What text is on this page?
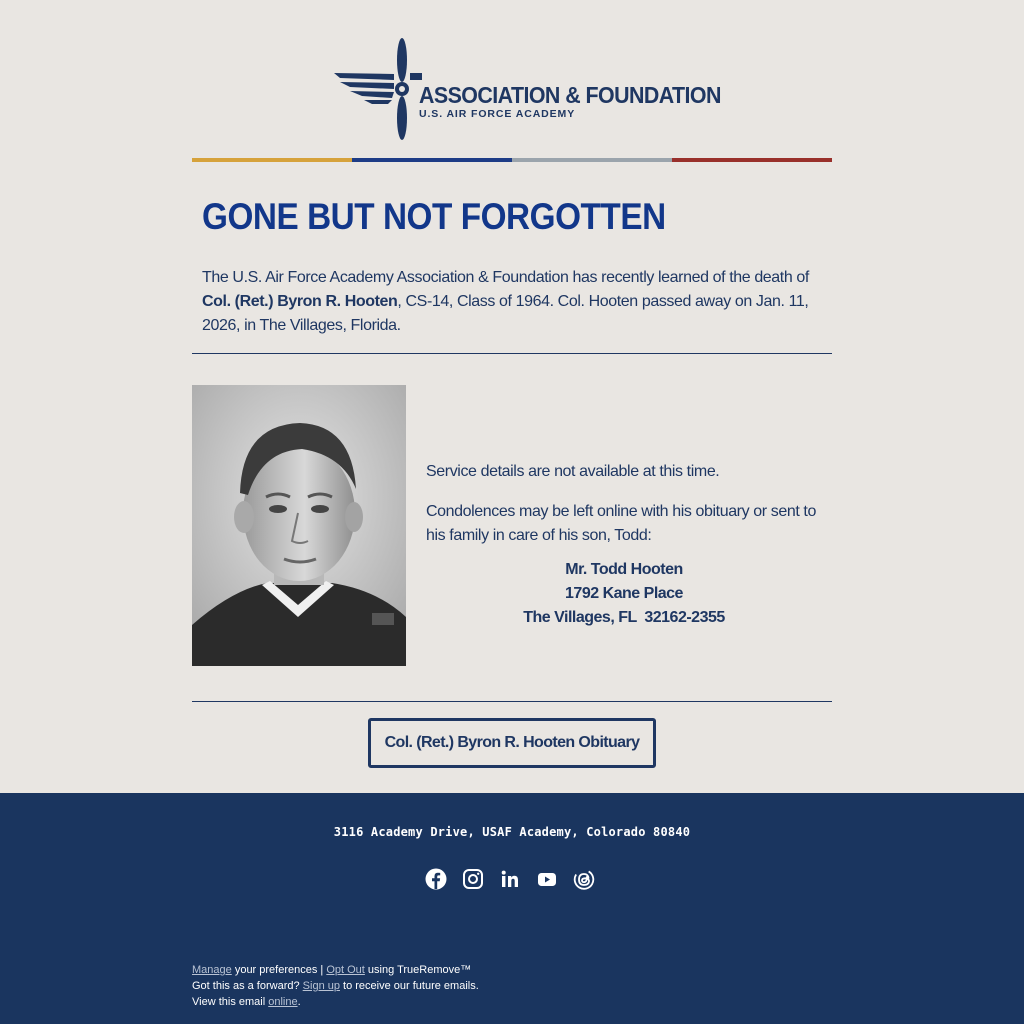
ASSOCIATION & FOUNDATION
U.S. AIR FORCE ACADEMY
GONE BUT NOT FORGOTTEN

The U.S. Air Force Academy Association & Foundation has recently learned of the death of Col. (Ret.) Byron R. Hooten, CS-14, Class of 1964. Col. Hooten passed away on Jan. 11, 2026, in The Villages, Florida.

Service details are not available at this time.

Condolences may be left online with his obituary or sent to his family in care of his son, Todd:

Mr. Todd Hooten
1792 Kane Place
The Villages, FL  32162-2355
Col. (Ret.) Byron R. Hooten Obituary
3116 Academy Drive, USAF Academy, Colorado 80840
Manage your preferences | Opt Out using TrueRemove™
Got this as a forward? Sign up to receive our future emails.
View this email online.
